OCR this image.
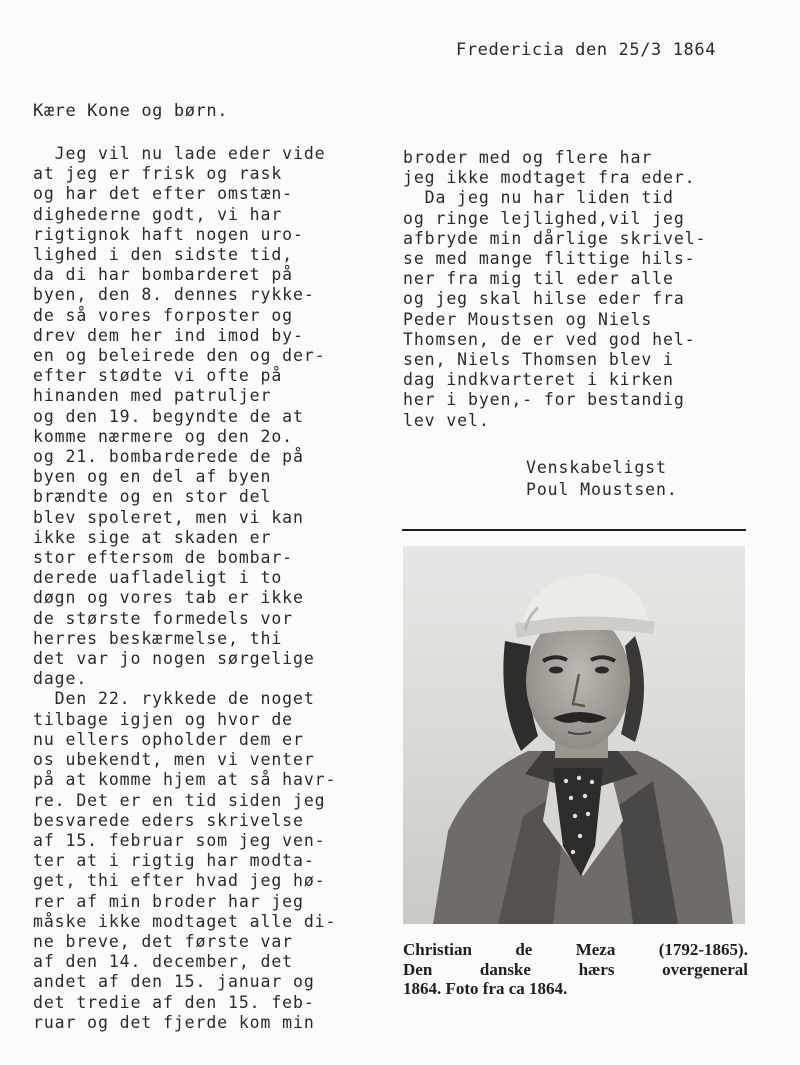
Fredericia den 25/3 1864
Kære Kone og børn.
Jeg vil nu lade eder vide
at jeg er frisk og rask
og har det efter omstæn-
dighederne godt, vi har
rigtignok haft nogen uro-
lighed i den sidste tid,
da di har bombarderet på
byen, den 8. dennes rykke-
de så vores forposter og
drev dem her ind imod by-
en og beleirede den og der-
efter stødte vi ofte på
hinanden med patruljer
og den 19. begyndte de at
komme nærmere og den 2o.
og 21. bombarderede de på
byen og en del af byen
brændte og en stor del
blev spoleret, men vi kan
ikke sige at skaden er
stor eftersom de bombar-
derede uafladeligt i to
døgn og vores tab er ikke
de største formedels vor
herres beskærmelse, thi
det var jo nogen sørgelige
dage.
Den 22. rykkede de noget
tilbage igjen og hvor de
nu ellers opholder dem er
os ubekendt, men vi venter
på at komme hjem at så havr-
re. Det er en tid siden jeg
besvarede eders skrivelse
af 15. februar som jeg ven-
ter at i rigtig har modta-
get, thi efter hvad jeg hø-
rer af min broder har jeg
måske ikke modtaget alle di-
ne breve, det første var
af den 14. december, det
andet af den 15. januar og
det tredie af den 15. feb-
ruar og det fjerde kom min
broder med og flere har
jeg ikke modtaget fra eder.
Da jeg nu har liden tid
og ringe lejlighed,vil jeg
afbryde min dårlige skrivel-
se med mange flittige hils-
ner fra mig til eder alle
og jeg skal hilse eder fra
Peder Moustsen og Niels
Thomsen, de er ved god hel-
sen, Niels Thomsen blev i
dag indkvarteret i kirken
her i byen,- for bestandig
lev vel.
Venskabeligst
Poul Moustsen.
Christian	de	Meza	(1792-1865).
Den	danske	hærs	overgeneral
1864. Foto fra ca 1864.
